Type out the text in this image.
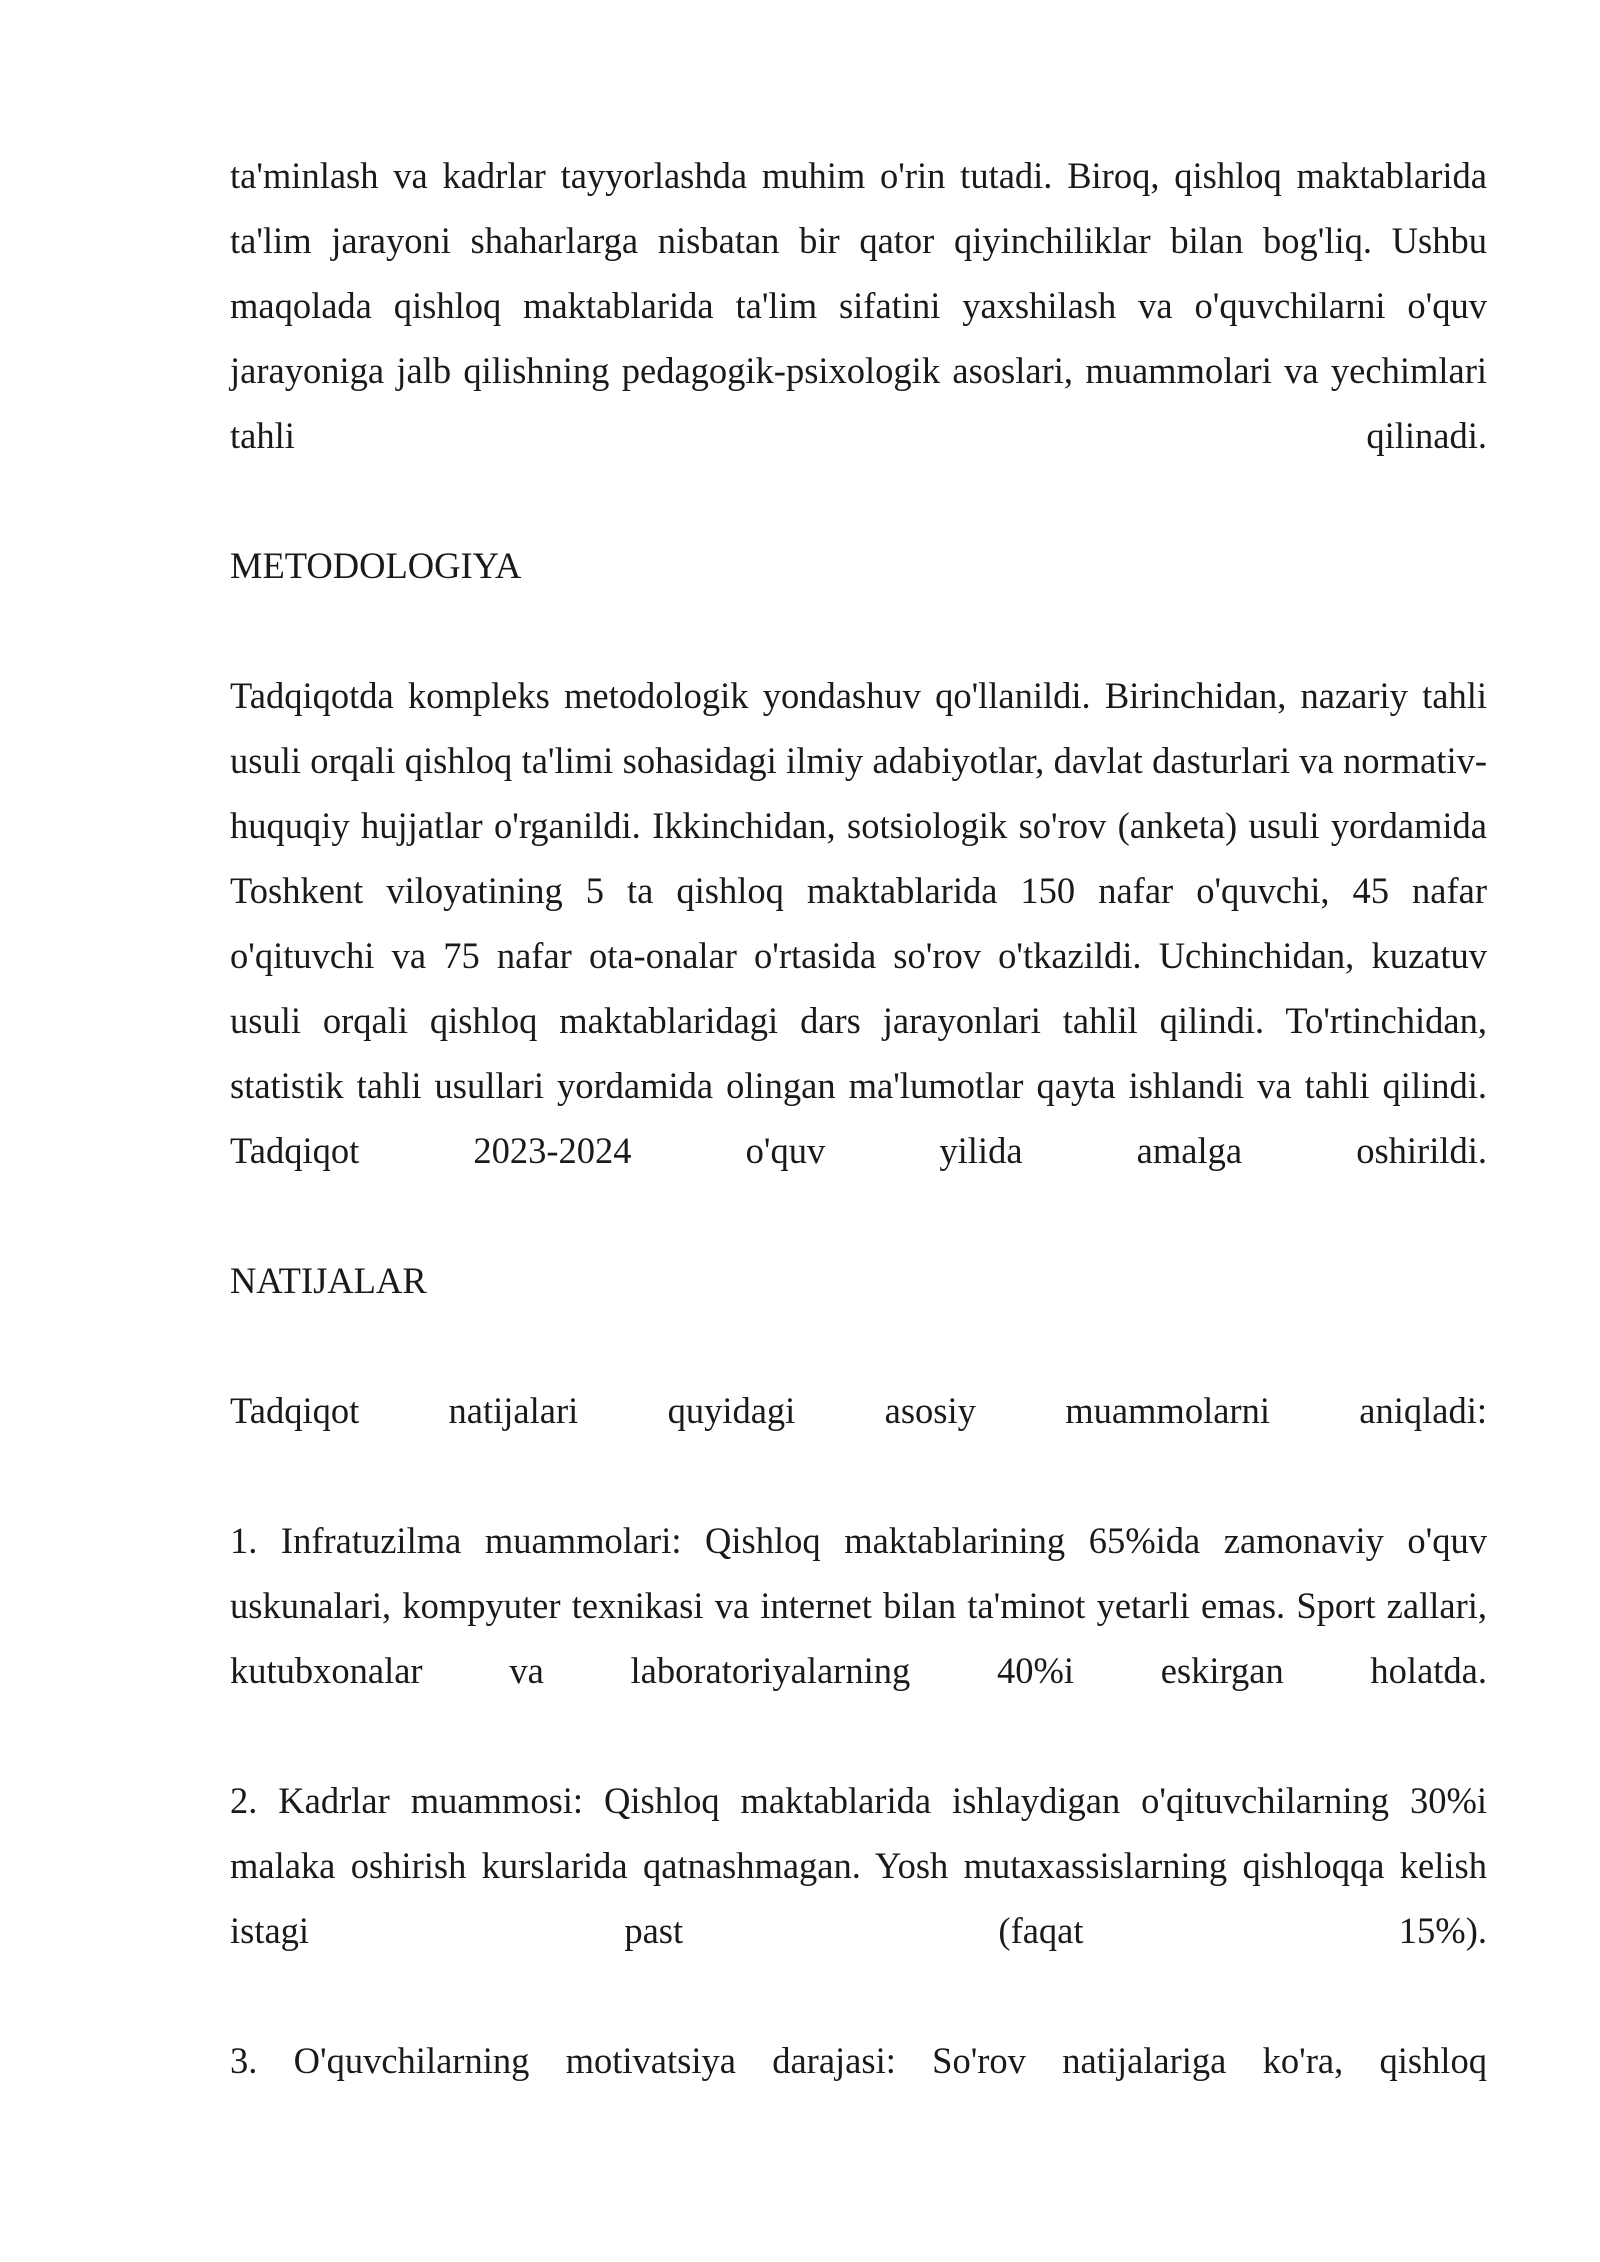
ta'minlash va kadrlar tayyorlashda muhim o'rin tutadi. Biroq, qishloq maktablarida ta'lim jarayoni shaharlarga nisbatan bir qator qiyinchiliklar bilan bog'liq. Ushbu maqolada qishloq maktablarida ta'lim sifatini yaxshilash va o'quvchilarni o'quv jarayoniga jalb qilishning pedagogik-psixologik asoslari, muammolari va yechimlari tahli qilinadi.

METODOLOGIYA

Tadqiqotda kompleks metodologik yondashuv qo'llanildi. Birinchidan, nazariy tahli usuli orqali qishloq ta'limi sohasidagi ilmiy adabiyotlar, davlat dasturlari va normativ-huquqiy hujjatlar o'rganildi. Ikkinchidan, sotsiologik so'rov (anketa) usuli yordamida Toshkent viloyatining 5 ta qishloq maktablarida 150 nafar o'quvchi, 45 nafar o'qituvchi va 75 nafar ota-onalar o'rtasida so'rov o'tkazildi. Uchinchidan, kuzatuv usuli orqali qishloq maktablaridagi dars jarayonlari tahlil qilindi. To'rtinchidan, statistik tahli usullari yordamida olingan ma'lumotlar qayta ishlandi va tahli qilindi. Tadqiqot 2023-2024 o'quv yilida amalga oshirildi.

NATIJALAR

Tadqiqot natijalari quyidagi asosiy muammolarni aniqladi:

1. Infratuzilma muammolari: Qishloq maktablarining 65%ida zamonaviy o'quv uskunalari, kompyuter texnikasi va internet bilan ta'minot yetarli emas. Sport zallari, kutubxonalar va laboratoriyalarning 40%i eskirgan holatda.

2. Kadrlar muammosi: Qishloq maktablarida ishlaydigan o'qituvchilarning 30%i malaka oshirish kurslarida qatnashmagan. Yosh mutaxassislarning qishloqqa kelish istagi past (faqat 15%).

3. O'quvchilarning motivatsiya darajasi: So'rov natijalariga ko'ra, qishloq
